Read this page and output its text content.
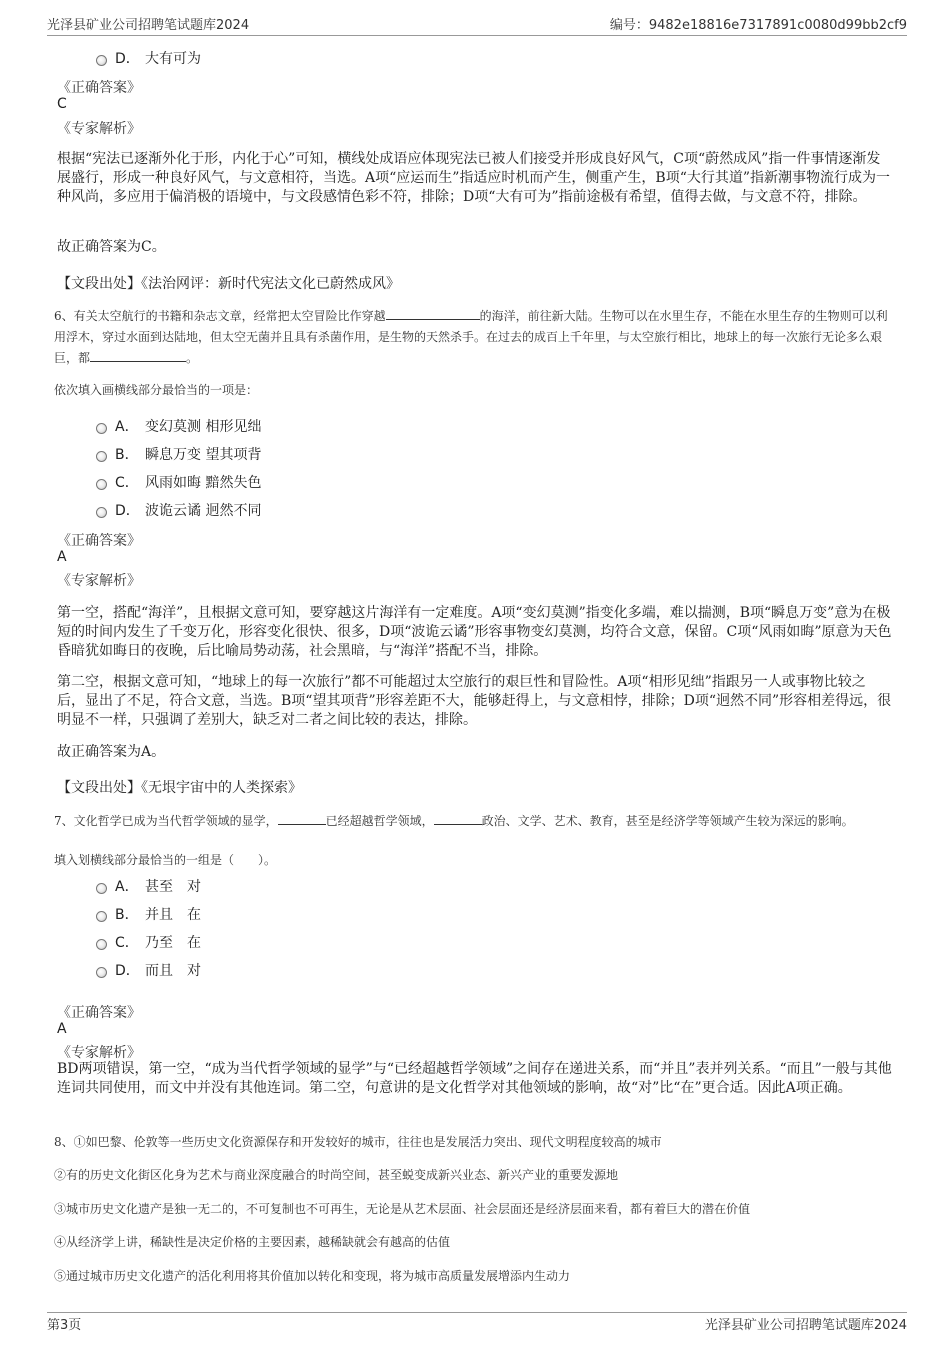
光泽县矿业公司招聘笔试题库2024	编号：9482e18816e7317891c0080d99bb2cf9
D． 大有可为
《正确答案》
C
《专家解析》
根据“宪法已逐渐外化于形，内化于心”可知，横线处成语应体现宪法已被人们接受并形成良好风气，C项“蔚然成风”指一件事情逐渐发展盛行，形成一种良好风气，与文意相符，当选。A项“应运而生”指适应时机而产生，侧重产生，B项“大行其道”指新潮事物流行成为一种风尚，多应用于偏消极的语境中，与文段感情色彩不符，排除；D项“大有可为”指前途极有希望，值得去做，与文意不符，排除。
故正确答案为C。
【文段出处】《法治网评：新时代宪法文化已蔚然成风》
6、有关太空航行的书籍和杂志文章，经常把太空冒险比作穿越	的海洋，前往新大陆。生物可以在水里生存，不能在水里生存的生物则可以利用浮木，穿过水面到达陆地，但太空无菌并且具有杀菌作用，是生物的天然杀手。在过去的成百上千年里，与太空旅行相比，地球上的每一次旅行无论多么艰巨，都	。
依次填入画横线部分最恰当的一项是：
A． 变幻莫测 相形见绌
B． 瞬息万变 望其项背
C． 风雨如晦 黯然失色
D． 波诡云谲 迥然不同
《正确答案》
A
《专家解析》
第一空，搭配“海洋”，且根据文意可知，要穿越这片海洋有一定难度。A项“变幻莫测”指变化多端，难以揣测，B项“瞬息万变”意为在极短的时间内发生了千变万化，形容变化很快、很多，D项“波诡云谲”形容事物变幻莫测，均符合文意，保留。C项“风雨如晦”原意为天色昏暗犹如晦日的夜晚，后比喻局势动荡，社会黑暗，与“海洋”搭配不当，排除。
第二空，根据文意可知，“地球上的每一次旅行”都不可能超过太空旅行的艰巨性和冒险性。A项“相形见绌”指跟另一人或事物比较之后，显出了不足，符合文意，当选。B项“望其项背”形容差距不大，能够赶得上，与文意相悖，排除；D项“迥然不同”形容相差得远，很明显不一样，只强调了差别大，缺乏对二者之间比较的表达，排除。
故正确答案为A。
【文段出处】《无垠宇宙中的人类探索》
7、文化哲学已成为当代哲学领域的显学，	已经超越哲学领域，	政治、文学、艺术、教育，甚至是经济学等领域产生较为深远的影响。
填入划横线部分最恰当的一组是（　　）。
A． 甚至　对
B． 并且　在
C． 乃至　在
D． 而且　对
《正确答案》
A
《专家解析》
BD两项错误，第一空，“成为当代哲学领域的显学”与“已经超越哲学领域”之间存在递进关系，而“并且”表并列关系。“而且”一般与其他连词共同使用，而文中并没有其他连词。第二空，句意讲的是文化哲学对其他领域的影响，故“对”比“在”更合适。因此A项正确。
8、①如巴黎、伦敦等一些历史文化资源保存和开发较好的城市，往往也是发展活力突出、现代文明程度较高的城市
②有的历史文化街区化身为艺术与商业深度融合的时尚空间，甚至蜕变成新兴业态、新兴产业的重要发源地
③城市历史文化遗产是独一无二的，不可复制也不可再生，无论是从艺术层面、社会层面还是经济层面来看，都有着巨大的潜在价值
④从经济学上讲，稀缺性是决定价格的主要因素，越稀缺就会有越高的估值
⑤通过城市历史文化遗产的活化利用将其价值加以转化和变现，将为城市高质量发展增添内生动力
第3页	光泽县矿业公司招聘笔试题库2024
